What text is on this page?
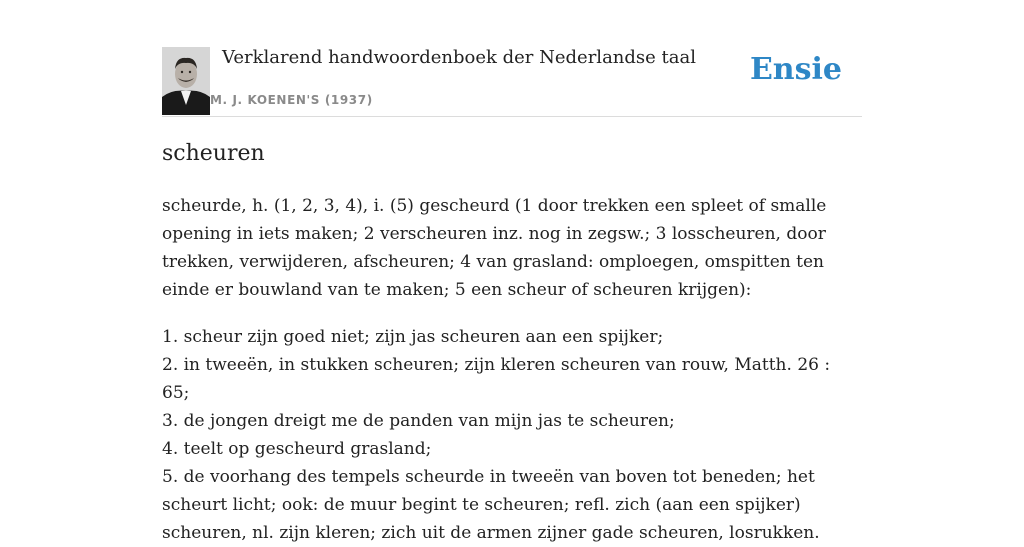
Verklarend handwoordenboek der Nederlandse taal
M. J. KOENEN'S (1937)
Ensie
scheuren

scheurde, h. (1, 2, 3, 4), i. (5) gescheurd (1 door trekken een spleet of smalle opening in iets maken; 2 verscheuren inz. nog in zegsw.; 3 losscheuren, door trekken, verwijderen, afscheuren; 4 van grasland: omploegen, omspitten ten einde er bouwland van te maken; 5 een scheur of scheuren krijgen):

1. scheur zijn goed niet; zijn jas scheuren aan een spijker;
2. in tweeën, in stukken scheuren; zijn kleren scheuren van rouw, Matth. 26 : 65;
3. de jongen dreigt me de panden van mijn jas te scheuren;
4. teelt op gescheurd grasland;
5. de voorhang des tempels scheurde in tweeën van boven tot beneden; het scheurt licht; ook: de muur begint te scheuren; refl. zich (aan een spijker) scheuren, nl. zijn kleren; zich uit de armen zijner gade scheuren, losrukken.
